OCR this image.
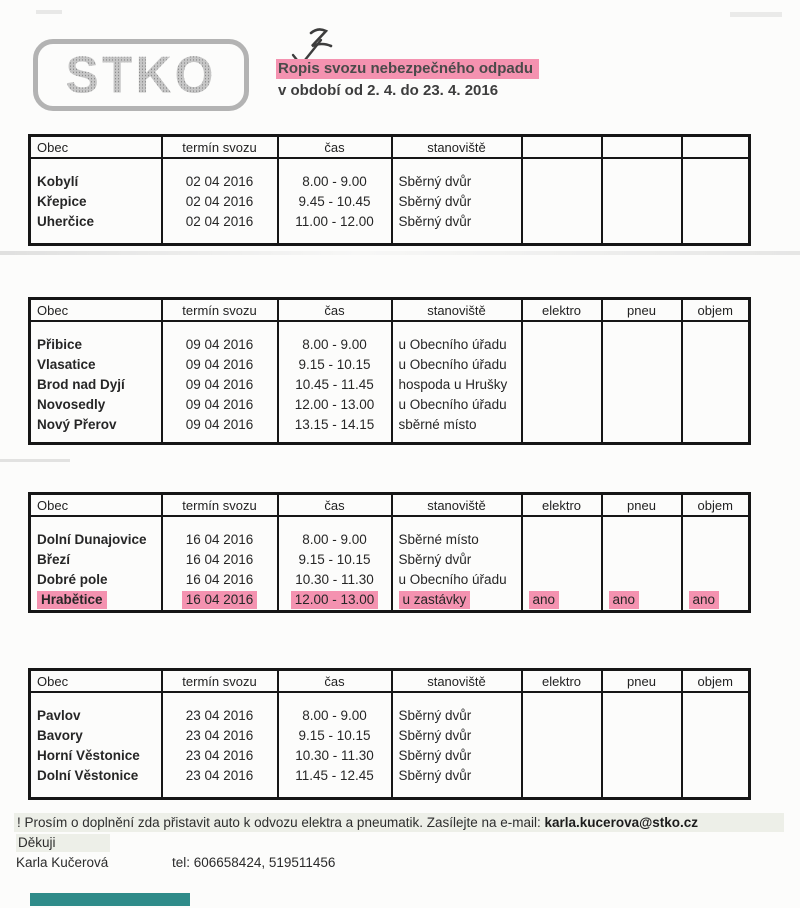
STKO	Ropis svozu nebezpečného odpadu
v období od 2. 4. do 23. 4. 2016
Obec	termín svozu	čas	stanoviště			

Kobylí	02 04 2016	8.00 - 9.00	Sběrný dvůr			
Křepice	02 04 2016	9.45 - 10.45	Sběrný dvůr			
Uherčice	02 04 2016	11.00 - 12.00	Sběrný dvůr			

Obec	termín svozu	čas	stanoviště	elektro	pneu	objem

Přibice	09 04 2016	8.00 - 9.00	u Obecního úřadu			
Vlasatice	09 04 2016	9.15 - 10.15	u Obecního úřadu			
Brod nad Dyjí	09 04 2016	10.45 - 11.45	hospoda u Hrušky			
Novosedly	09 04 2016	12.00 - 13.00	u Obecního úřadu			
Nový Přerov	09 04 2016	13.15 - 14.15	sběrné místo			

Obec	termín svozu	čas	stanoviště	elektro	pneu	objem

Dolní Dunajovice	16 04 2016	8.00 - 9.00	Sběrné místo			
Březí	16 04 2016	9.15 - 10.15	Sběrný dvůr			
Dobré pole	16 04 2016	10.30 - 11.30	u Obecního úřadu			
Hrabětice	16 04 2016	12.00 - 13.00	u zastávky	ano	ano	ano

Obec	termín svozu	čas	stanoviště	elektro	pneu	objem

Pavlov	23 04 2016	8.00 - 9.00	Sběrný dvůr			
Bavory	23 04 2016	9.15 - 10.15	Sběrný dvůr			
Horní Věstonice	23 04 2016	10.30 - 11.30	Sběrný dvůr			
Dolní Věstonice	23 04 2016	11.45 - 12.45	Sběrný dvůr			

! Prosím o doplnění zda přistavit auto k odvozu elektra a pneumatik. Zasílejte na e-mail: karla.kucerova@stko.cz
Děkuji
Karla Kučerová	tel: 606658424, 519511456
